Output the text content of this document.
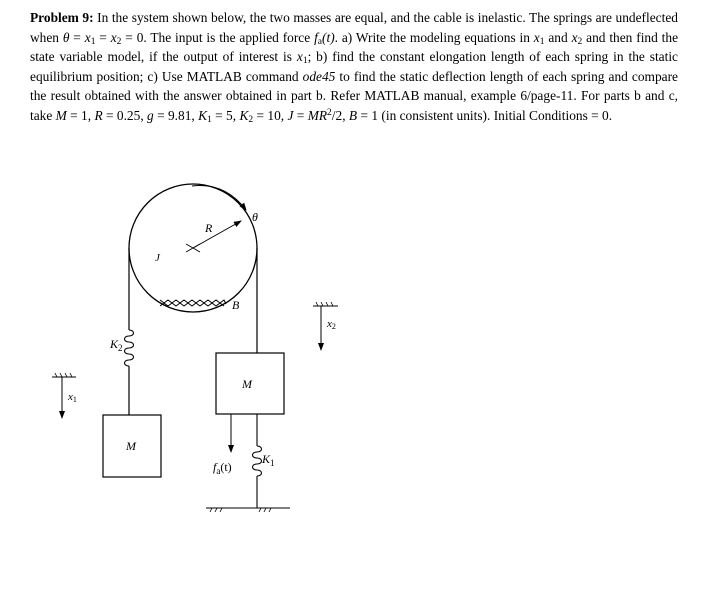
Problem 9: In the system shown below, the two masses are equal, and the cable is inelastic. The springs are undeflected when $\theta = x_1 = x_2 = 0$. The input is the applied force $f_a(t)$. a) Write the modeling equations in $x_1$ and $x_2$ and then find the state variable model, if the output of interest is $x_1$; b) find the constant elongation length of each spring in the static equilibrium position; c) Use MATLAB command ode45 to find the static deflection length of each spring and compare the result obtained with the answer obtained in part b. Refer MATLAB manual, example 6/page-11. For parts b and c, take M = 1, R = 0.25, g = 9.81, $K_1 = 5$, $K_2 = 10$, $J = MR^2/2$, B = 1 (in consistent units). Initial Conditions = 0.

R
θ
J
B
M
$f_a(t)$
$K_1$
$K_2$
M
x1
x2
